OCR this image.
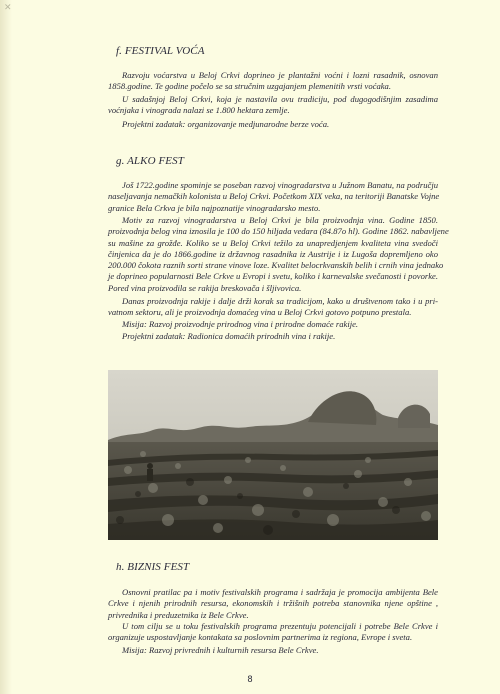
✕
f. FESTIVAL VOĆA

Razvoju voćarstva u Beloj Crkvi doprineo je plantažni voćni i lozni rasadnik, osnovan
1858.godine. Te godine počelo se sa stručnim uzgajanjem plemenitih vrsti voćaka.

U sadašnjoj Beloj Crkvi, koja je nastavila ovu tradiciju, pod dugogodišnjim zasadima
voćnjaka i vinograda nalazi se 1.800 hektara zemlje.

Projektni zadatak: organizovanje medjunarodne berze voća.

g. ALKO FEST

Još 1722.godine spominje se poseban razvoj vinogradarstva u Južnom Banatu, na području
naseljavanja nemačkih kolonista u Beloj Crkvi. Početkom XIX veka, na teritoriji Banatske Vojne
granice Bela Crkva je bila najpoznatije vinogradarsko mesto.

Motiv za razvoj vinogradarstva u Beloj Crkvi je bila proizvodnja vina. Godine 1850.
proizvodnja belog vina iznosila je 100 do 150 hiljada vedara (84.87o hl). Godine 1862. nabavljene
su mašine za grožđe. Koliko se u Beloj Crkvi težilo za unapredjenjem kvaliteta vina svedoči
činjenica da je do 1866.godine iz državnog rasadnika iz Austrije i iz Lugoša dopremljeno oko
200.000 čokota raznih sorti strane vinove loze. Kvalitet belocrkvanskih belih i crnih vina jednako
je doprineo popularnosti Bele Crkve u Evropi i svetu, koliko i karnevalske svečanosti i povorke.
Pored vina proizvodila se rakija breskovača i šljivovica.

Danas proizvodnja rakije i dalje drži korak sa tradicijom, kako u društvenom tako i u pri-
vatnom sektoru, ali je proizvodnja domaćeg vina u Beloj Crkvi gotovo potpuno prestala.

Misija: Razvoj proizvodnje prirodnog vina i prirodne domaće rakije.

Projektni zadatak: Radionica domaćih prirodnih vina i rakije.

h. BIZNIS FEST

Osnovni pratilac pa i motiv festivalskih programa i sadržaja je promocija ambijenta Bele
Crkve i njenih prirodnih resursa, ekonomskih i tržišnih potreba stanovnika njene opštine ,
privrednika i preduzetnika iz Bele Crkve.

U tom cilju se u toku festivalskih programa prezentuju potencijali i potrebe Bele Crkve i
organizuje uspostavljanje kontakata sa poslovnim partnerima iz regiona, Evrope i sveta.

Misija: Razvoj privrednih i kulturnih resursa Bele Crkve.

8
